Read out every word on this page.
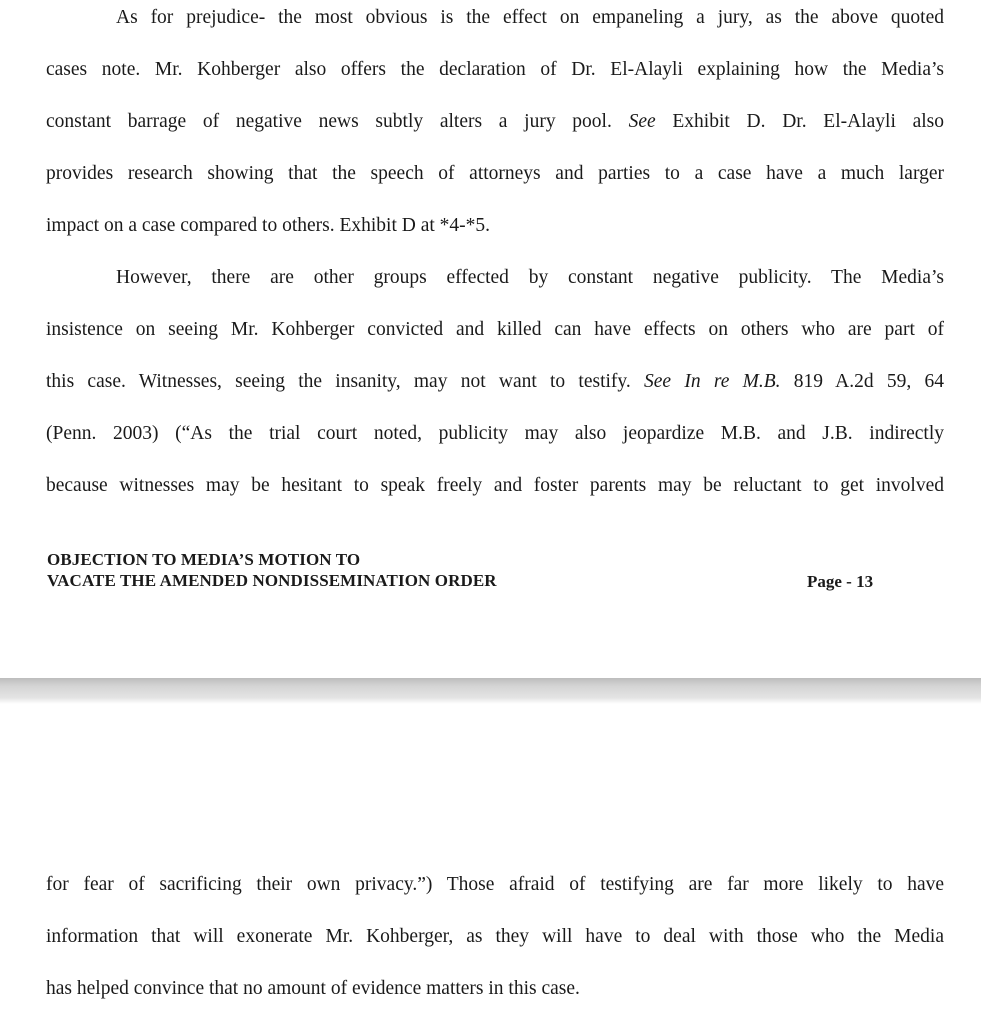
As for prejudice- the most obvious is the effect on empaneling a jury, as the above quoted
cases note. Mr. Kohberger also offers the declaration of Dr. El-Alayli explaining how the Media’s
constant barrage of negative news subtly alters a jury pool. See Exhibit D. Dr. El-Alayli also
provides research showing that the speech of attorneys and parties to a case have a much larger
impact on a case compared to others. Exhibit D at *4-*5.
However, there are other groups effected by constant negative publicity. The Media’s
insistence on seeing Mr. Kohberger convicted and killed can have effects on others who are part of
this case. Witnesses, seeing the insanity, may not want to testify. See In re M.B. 819 A.2d 59, 64
(Penn. 2003) (“As the trial court noted, publicity may also jeopardize M.B. and J.B. indirectly
because witnesses may be hesitant to speak freely and foster parents may be reluctant to get involved
OBJECTION TO MEDIA’S MOTION TO
VACATE THE AMENDED NONDISSEMINATION ORDER	Page - 13
for fear of sacrificing their own privacy.”) Those afraid of testifying are far more likely to have
information that will exonerate Mr. Kohberger, as they will have to deal with those who the Media
has helped convince that no amount of evidence matters in this case.
